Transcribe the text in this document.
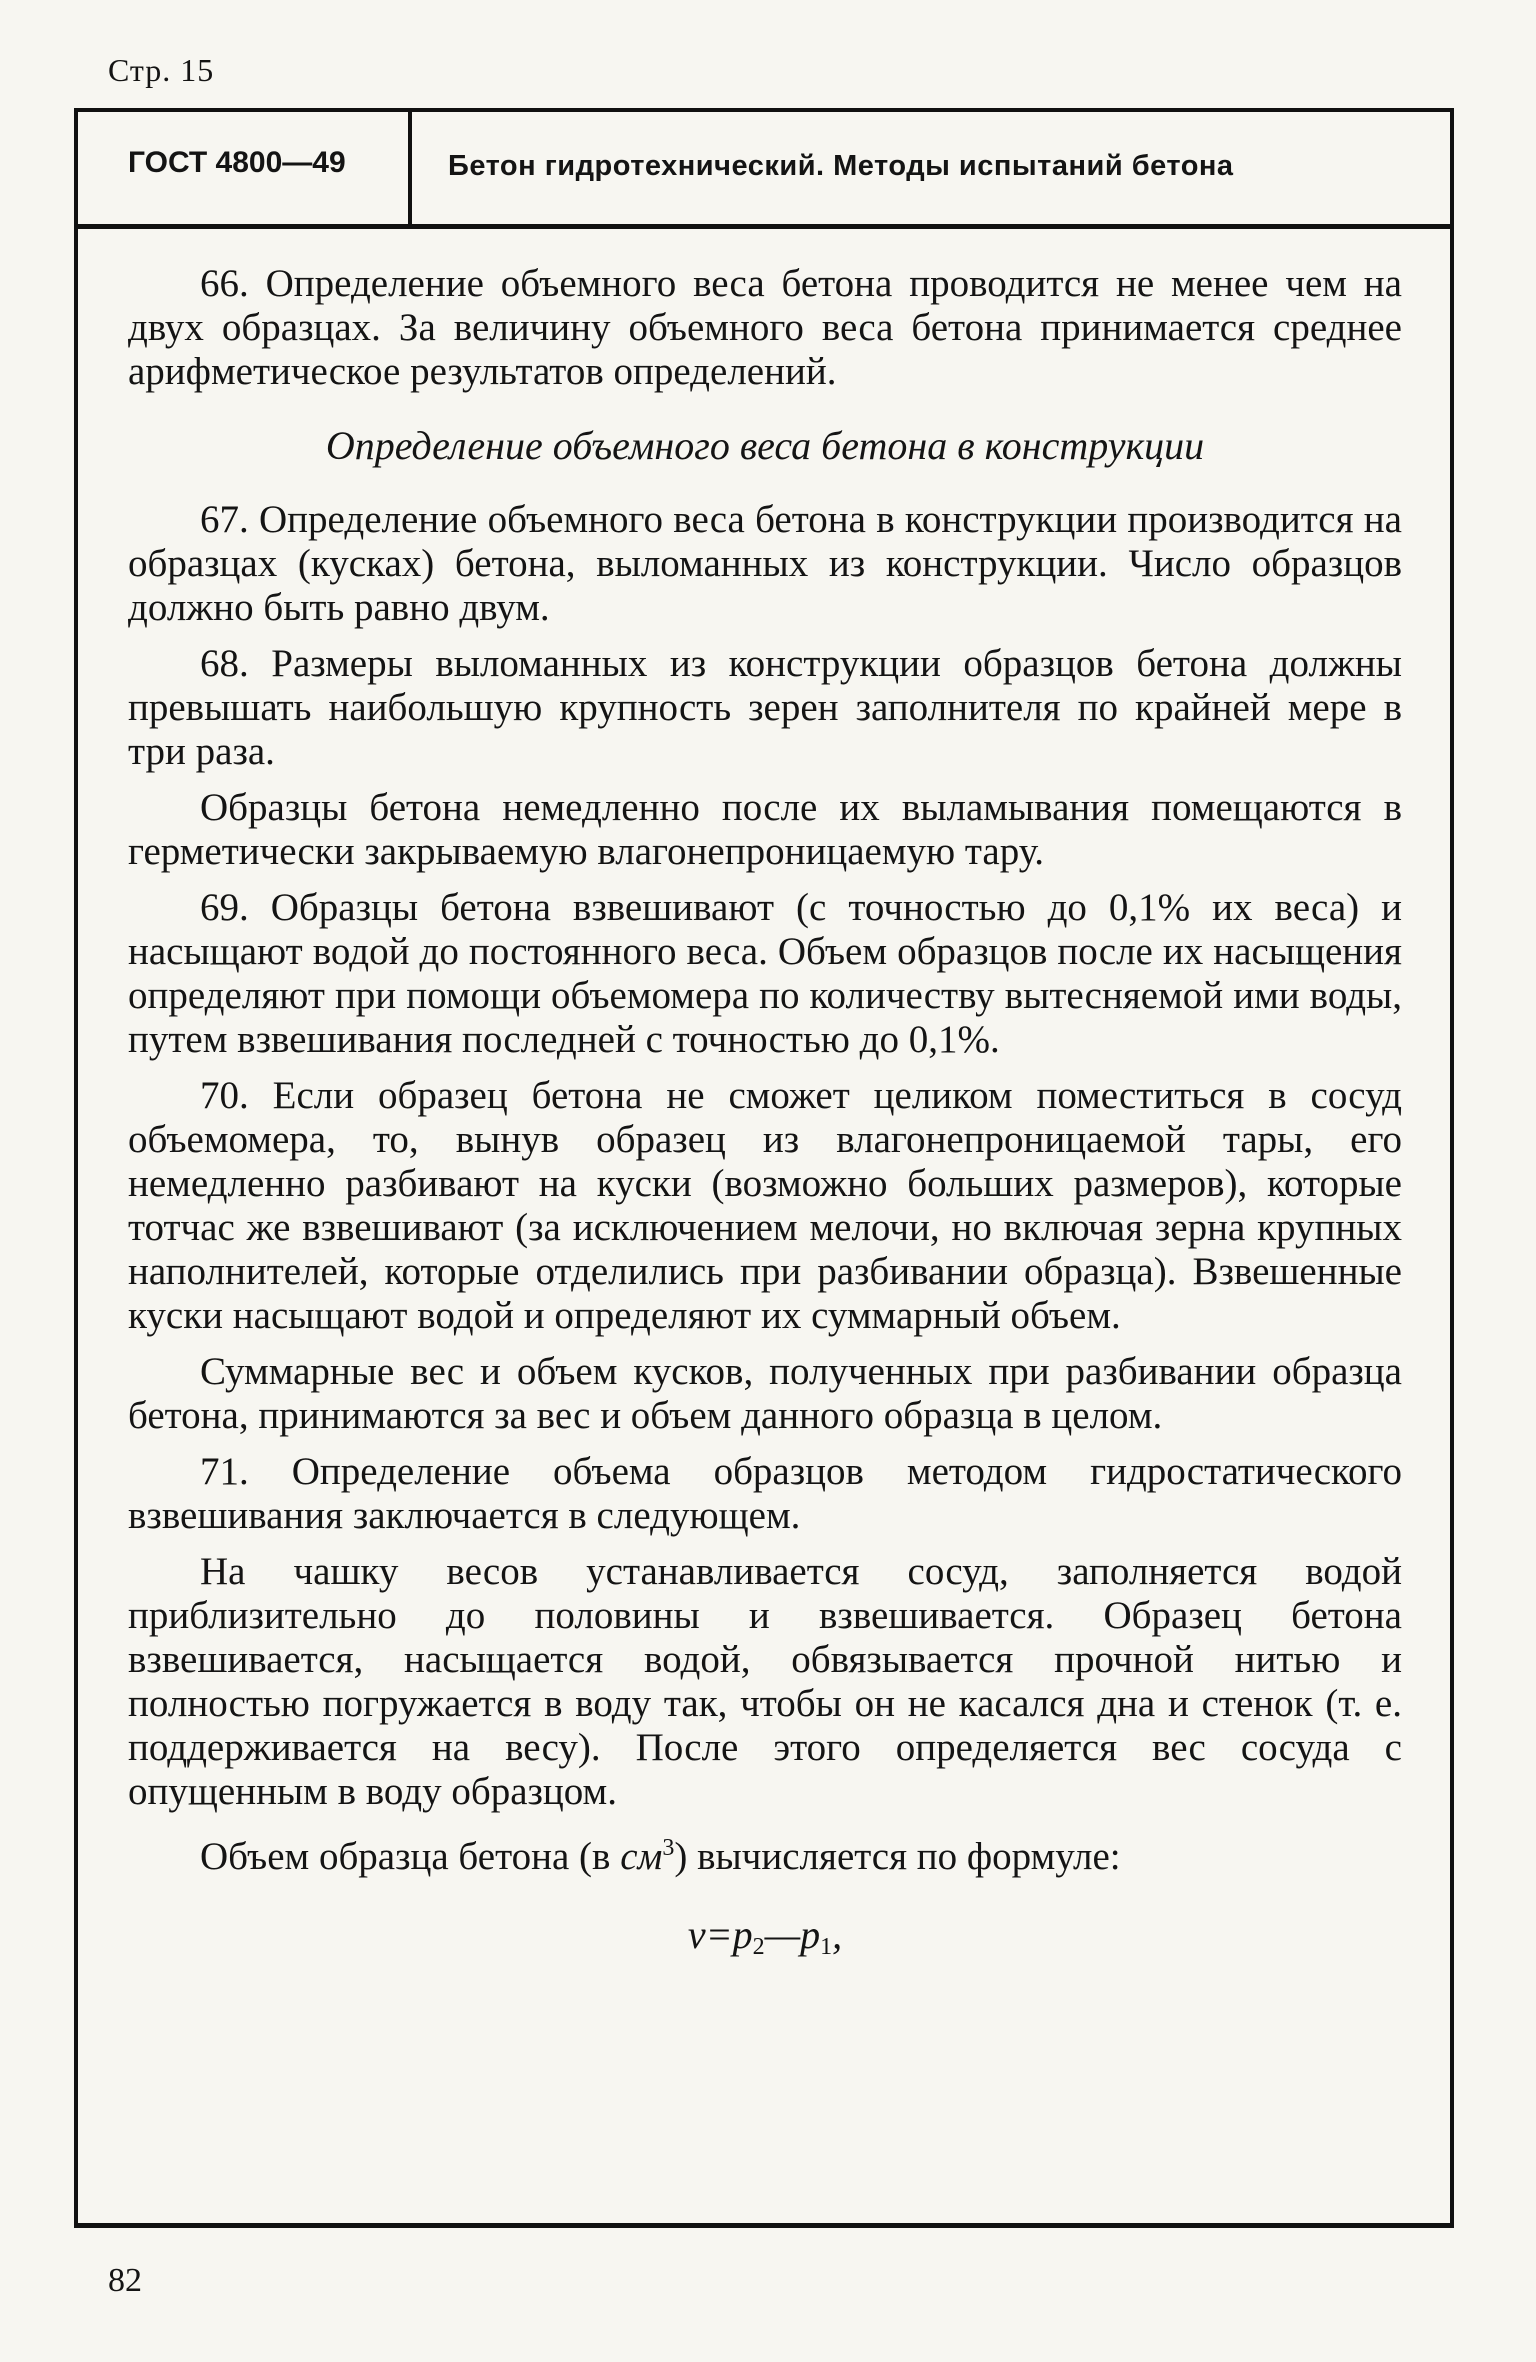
Стр. 15
ГОСТ 4800—49	Бетон гидротехнический. Методы испытаний бетона

66. Определение объемного веса бетона проводится не менее чем на двух образцах. За величину объемного веса бетона принимается среднее арифметическое результатов определений.

Определение объемного веса бетона в конструкции

67. Определение объемного веса бетона в конструкции производится на образцах (кусках) бетона, выломанных из конструкции. Число образцов должно быть равно двум.

68. Размеры выломанных из конструкции образцов бетона должны превышать наибольшую крупность зерен заполнителя по крайней мере в три раза.

Образцы бетона немедленно после их выламывания помещаются в герметически закрываемую влагонепроницаемую тару.

69. Образцы бетона взвешивают (с точностью до 0,1% их веса) и насыщают водой до постоянного веса. Объем образцов после их насыщения определяют при помощи объемомера по количеству вытесняемой ими воды, путем взвешивания последней с точностью до 0,1%.

70. Если образец бетона не сможет целиком поместиться в сосуд объемомера, то, вынув образец из влагонепроницаемой тары, его немедленно разбивают на куски (возможно больших размеров), которые тотчас же взвешивают (за исключением мелочи, но включая зерна крупных наполнителей, которые отделились при разбивании образца). Взвешенные куски насыщают водой и определяют их суммарный объем.

Суммарные вес и объем кусков, полученных при разбивании образца бетона, принимаются за вес и объем данного образца в целом.

71. Определение объема образцов методом гидростатического взвешивания заключается в следующем.

На чашку весов устанавливается сосуд, заполняется водой приблизительно до половины и взвешивается. Образец бетона взвешивается, насыщается водой, обвязывается прочной нитью и полностью погружается в воду так, чтобы он не касался дна и стенок (т. е. поддерживается на весу). После этого определяется вес сосуда с опущенным в воду образцом.

Объем образца бетона (в $см^3$) вычисляется по формуле:

$v=p_2—p_1$,
82
